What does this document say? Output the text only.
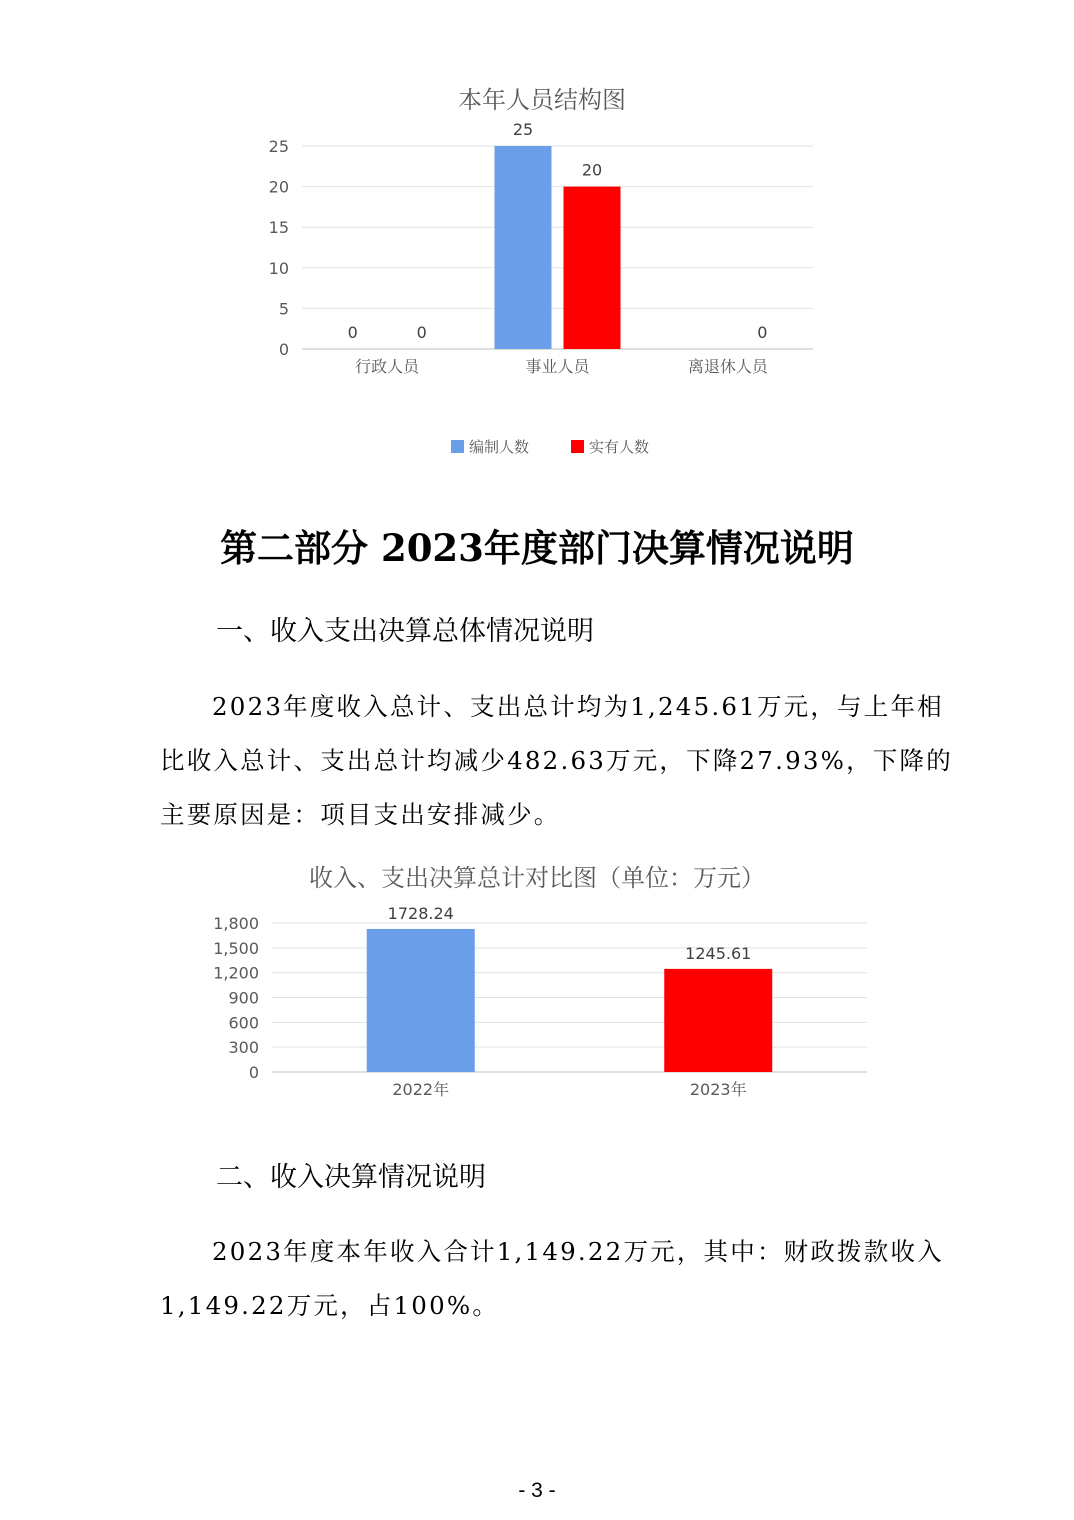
本年人员结构图
0
5
10
15
20
25
行政人员
0	0
事业人员
25
20
离退休人员
0
编制人数	实有人数
第二部分 2023年度部门决算情况说明
一、收入支出决算总体情况说明
2023年度收入总计、支出总计均为1,245.61万元，与上年相
比收入总计、支出总计均减少482.63万元，下降27.93%，下降的
主要原因是：项目支出安排减少。
收入、支出决算总计对比图（单位：万元）
0
300
600
900
1,200
1,500
1,800
1728.24
2022年
1245.61
2023年
二、收入决算情况说明
2023年度本年收入合计1,149.22万元，其中：财政拨款收入
1,149.22万元，占100%。
- 3 -
